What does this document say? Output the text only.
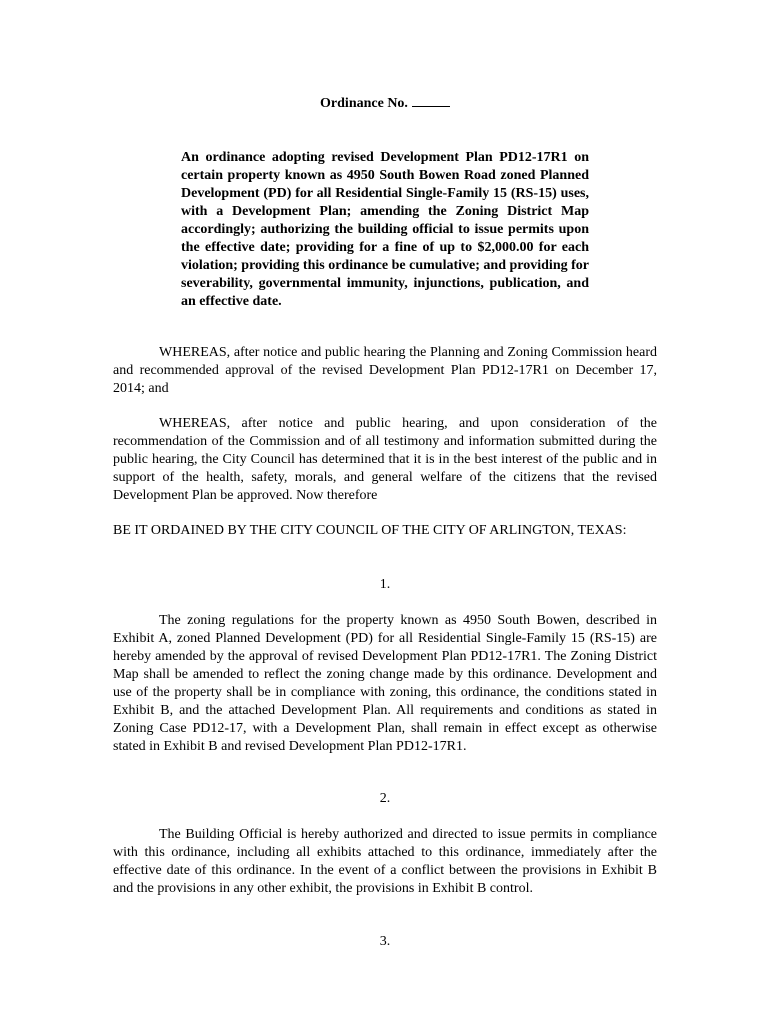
Ordinance No.
An ordinance adopting revised Development Plan PD12-17R1 on certain property known as 4950 South Bowen Road zoned Planned Development (PD) for all Residential Single-Family 15 (RS-15) uses, with a Development Plan; amending the Zoning District Map accordingly; authorizing the building official to issue permits upon the effective date; providing for a fine of up to $2,000.00 for each violation; providing this ordinance be cumulative; and providing for severability, governmental immunity, injunctions, publication, and an effective date.
WHEREAS, after notice and public hearing the Planning and Zoning Commission heard and recommended approval of the revised Development Plan PD12-17R1 on December 17, 2014; and
WHEREAS, after notice and public hearing, and upon consideration of the recommendation of the Commission and of all testimony and information submitted during the public hearing, the City Council has determined that it is in the best interest of the public and in support of the health, safety, morals, and general welfare of the citizens that the revised Development Plan be approved. Now therefore
BE IT ORDAINED BY THE CITY COUNCIL OF THE CITY OF ARLINGTON, TEXAS:
1.
The zoning regulations for the property known as 4950 South Bowen, described in Exhibit A, zoned Planned Development (PD) for all Residential Single-Family 15 (RS-15) are hereby amended by the approval of revised Development Plan PD12-17R1. The Zoning District Map shall be amended to reflect the zoning change made by this ordinance. Development and use of the property shall be in compliance with zoning, this ordinance, the conditions stated in Exhibit B, and the attached Development Plan. All requirements and conditions as stated in Zoning Case PD12-17, with a Development Plan, shall remain in effect except as otherwise stated in Exhibit B and revised Development Plan PD12-17R1.
2.
The Building Official is hereby authorized and directed to issue permits in compliance with this ordinance, including all exhibits attached to this ordinance, immediately after the effective date of this ordinance. In the event of a conflict between the provisions in Exhibit B and the provisions in any other exhibit, the provisions in Exhibit B control.
3.
